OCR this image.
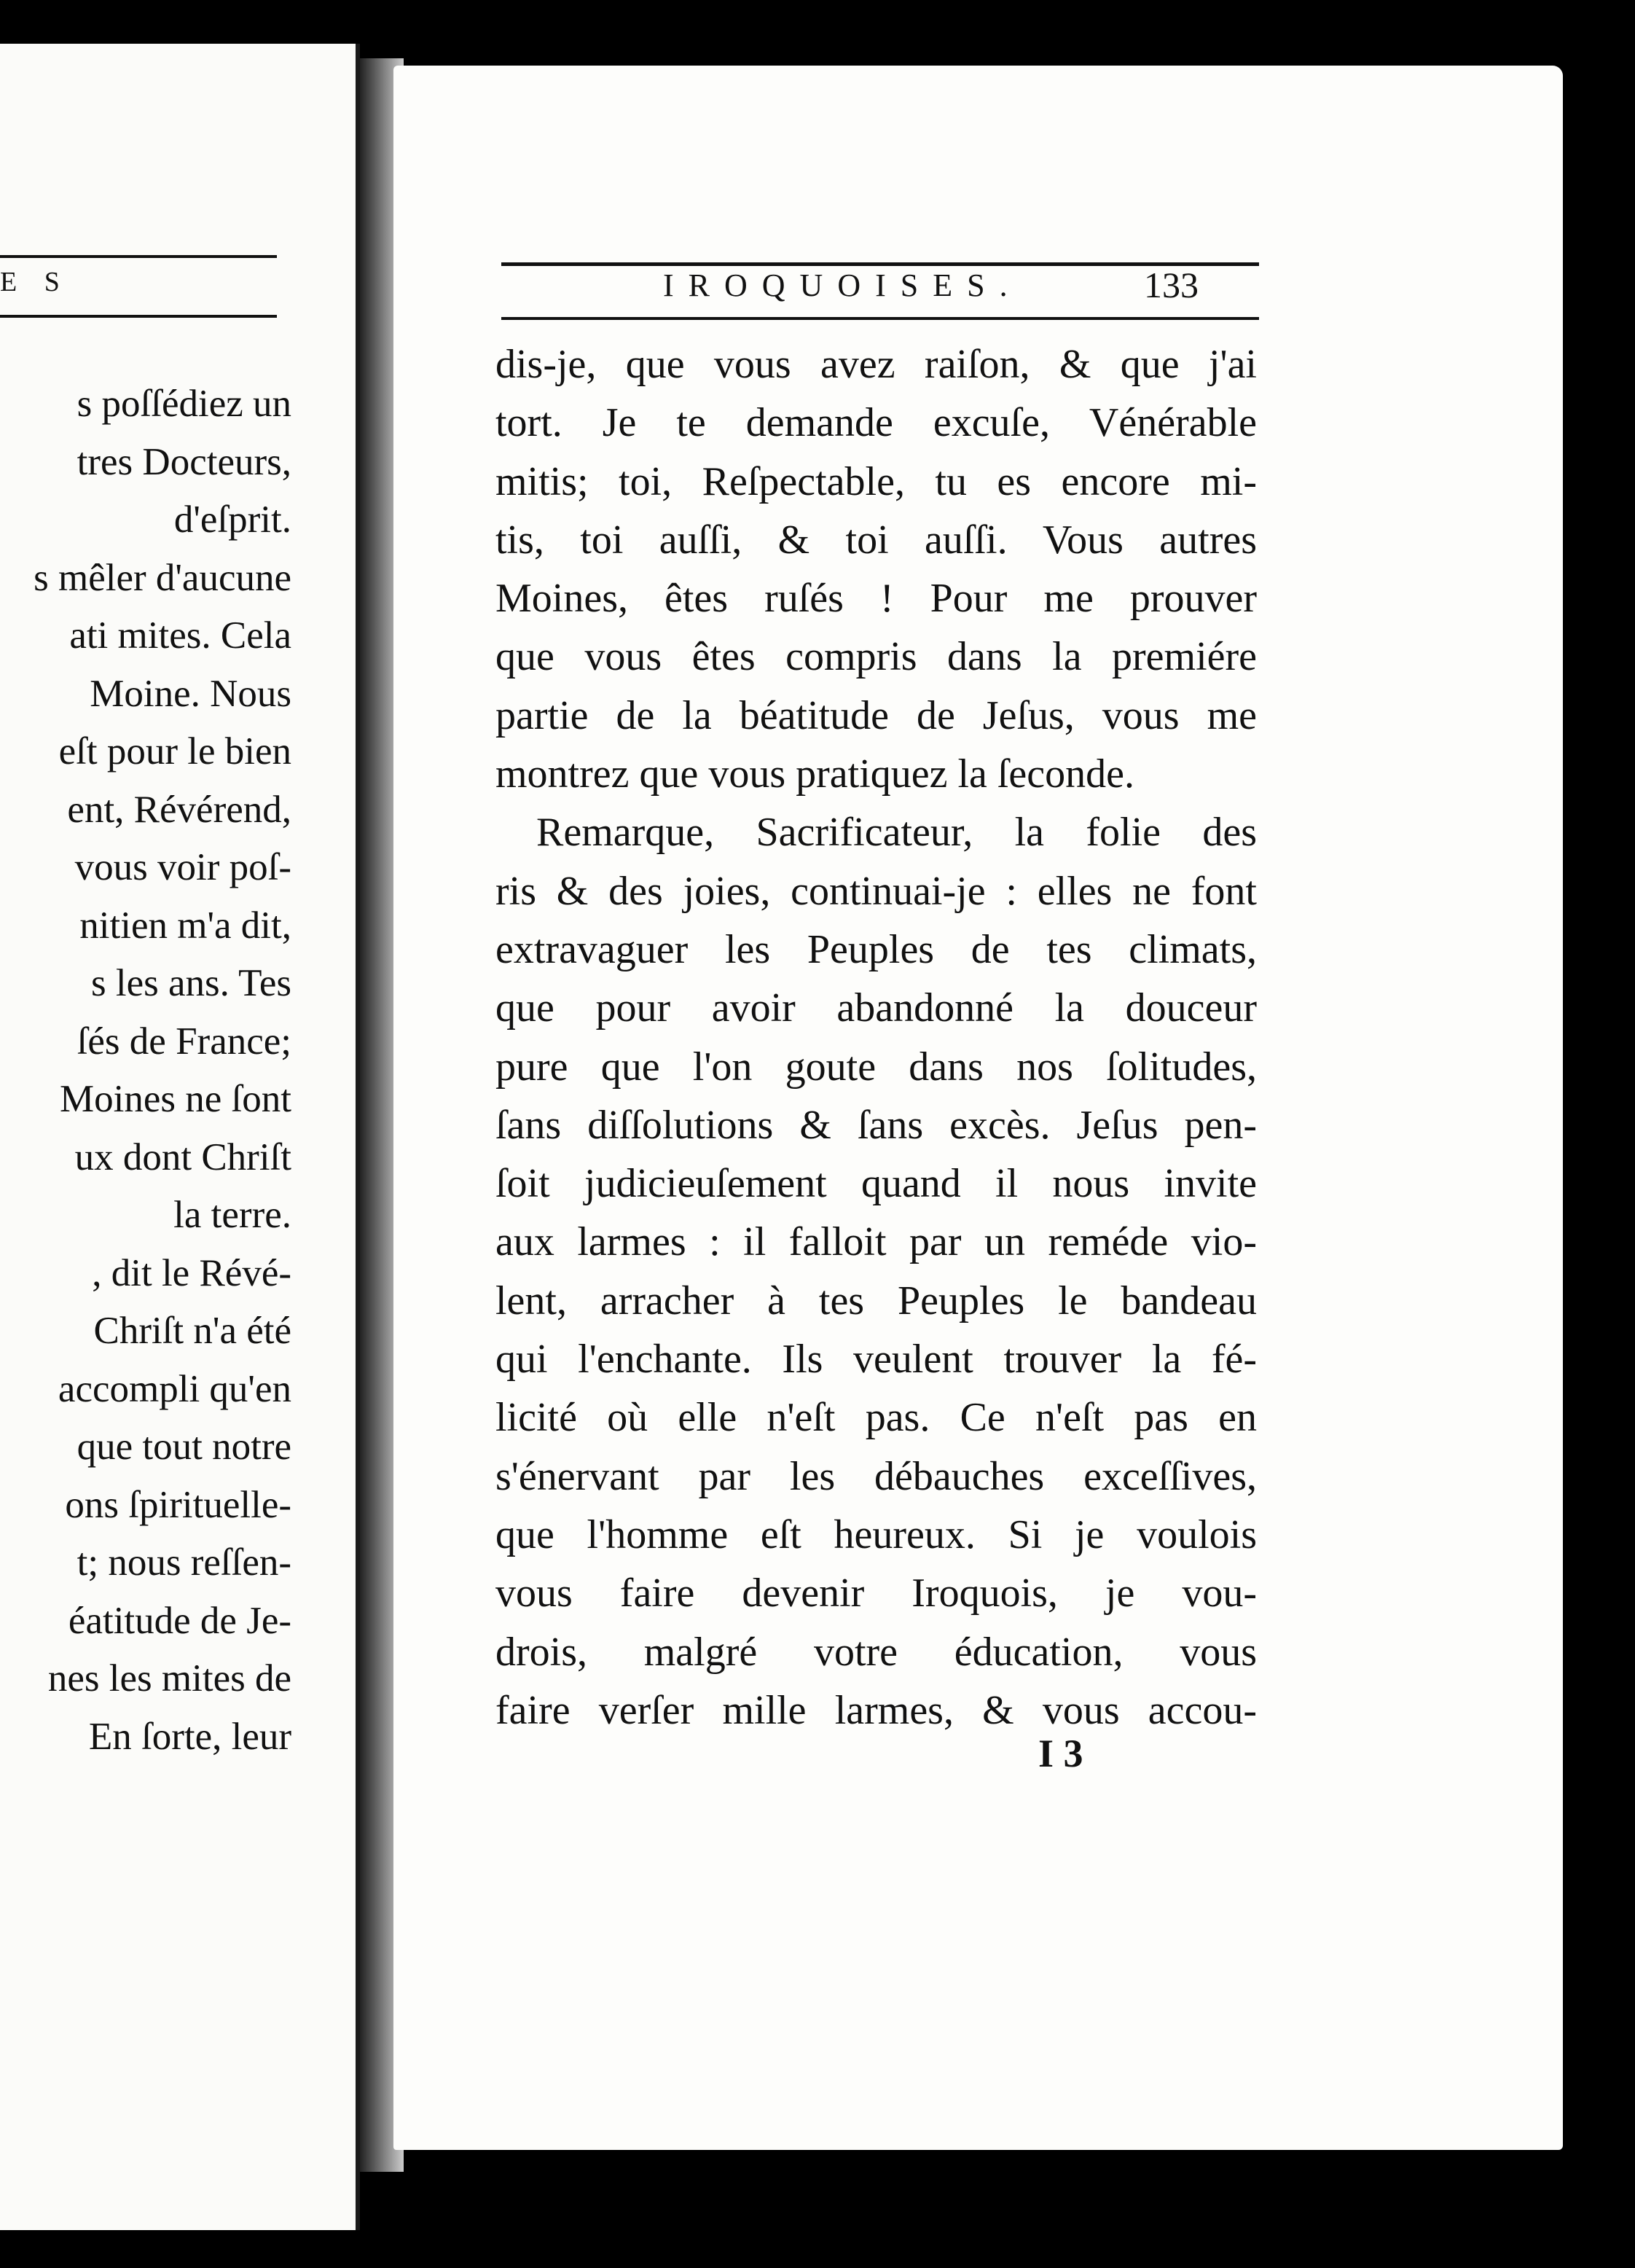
E S
s poſſédiez un
tres Docteurs,
d'eſprit.
s mêler d'aucune
ati mites. Cela
Moine. Nous
eſt pour le bien
ent, Révérend,
vous voir poſ-
nitien m'a dit,
s les ans. Tes
ſés de France;
Moines ne ſont
ux dont Chriſt
la terre.
, dit le Révé-
Chriſt n'a été
accompli qu'en
que tout notre
ons ſpirituelle-
t; nous reſſen-
éatitude de Je-
nes les mites de
En ſorte, leur
IROQUOISES.	133
dis-je, que vous avez raiſon, & que j'ai
tort. Je te demande excuſe, Vénérable
mitis; toi, Reſpectable, tu es encore mi-
tis, toi auſſi, & toi auſſi. Vous autres
Moines, êtes ruſés ! Pour me prouver
que vous êtes compris dans la premiére
partie de la béatitude de Jeſus, vous me
montrez que vous pratiquez la ſeconde.
Remarque, Sacrificateur, la folie des
ris & des joies, continuai-je : elles ne font
extravaguer les Peuples de tes climats,
que pour avoir abandonné la douceur
pure que l'on goute dans nos ſolitudes,
ſans diſſolutions & ſans excès. Jeſus pen-
ſoit judicieuſement quand il nous invite
aux larmes : il falloit par un reméde vio-
lent, arracher à tes Peuples le bandeau
qui l'enchante. Ils veulent trouver la fé-
licité où elle n'eſt pas. Ce n'eſt pas en
s'énervant par les débauches exceſſives,
que l'homme eſt heureux. Si je voulois
vous faire devenir Iroquois, je vou-
drois, malgré votre éducation, vous
faire verſer mille larmes, & vous accou-
I 3
